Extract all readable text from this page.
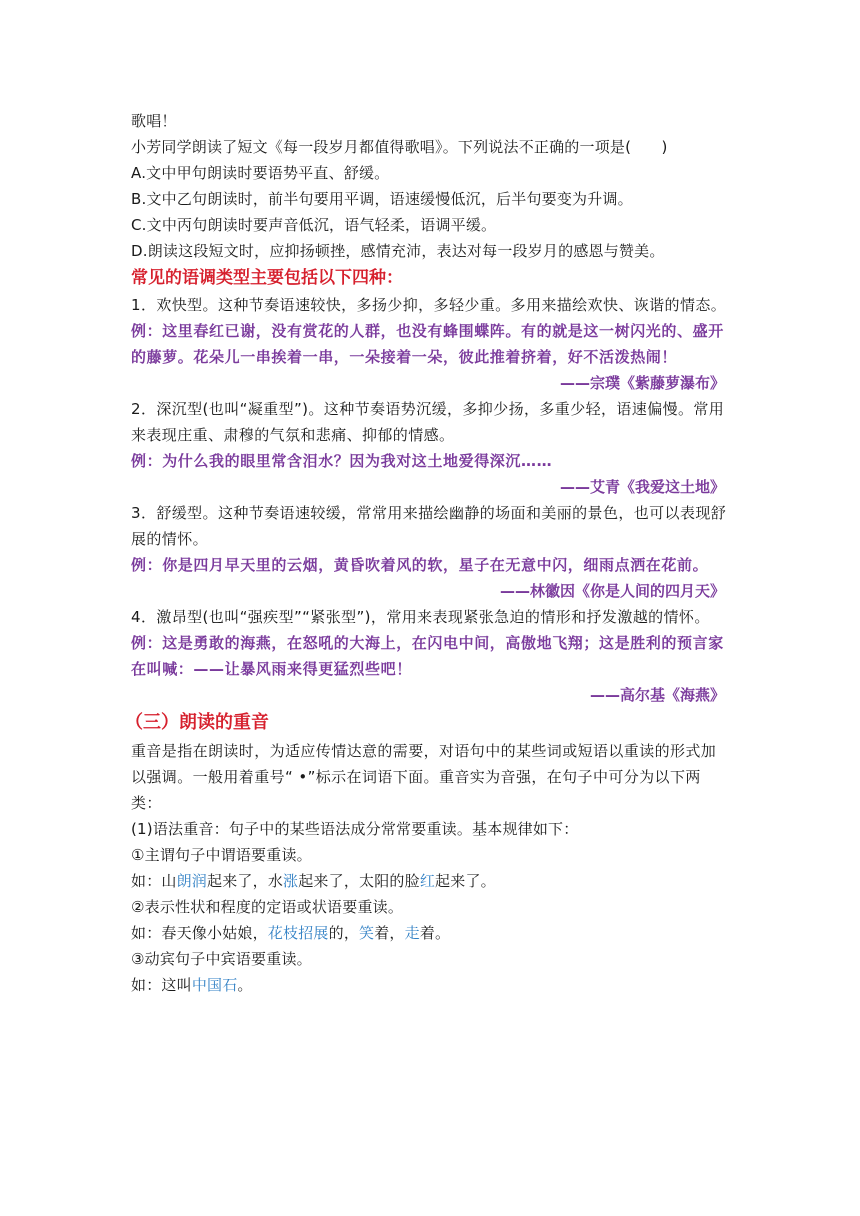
歌唱！
小芳同学朗读了短文《每一段岁月都值得歌唱》。下列说法不正确的一项是(　　)
A.文中甲句朗读时要语势平直、舒缓。
B.文中乙句朗读时，前半句要用平调，语速缓慢低沉，后半句要变为升调。
C.文中丙句朗读时要声音低沉，语气轻柔，语调平缓。
D.朗读这段短文时，应抑扬顿挫，感情充沛，表达对每一段岁月的感恩与赞美。
常见的语调类型主要包括以下四种：
1．欢快型。这种节奏语速较快，多扬少抑，多轻少重。多用来描绘欢快、诙谐的情态。
例：这里春红已谢，没有赏花的人群，也没有蜂围蝶阵。有的就是这一树闪光的、盛开的藤萝。花朵儿一串挨着一串，一朵接着一朵，彼此推着挤着，好不活泼热闹！
——宗璞《紫藤萝瀑布》
2．深沉型(也叫“凝重型”)。这种节奏语势沉缓，多抑少扬，多重少轻，语速偏慢。常用来表现庄重、肃穆的气氛和悲痛、抑郁的情感。
例：为什么我的眼里常含泪水？因为我对这土地爱得深沉……
——艾青《我爱这土地》
3．舒缓型。这种节奏语速较缓，常常用来描绘幽静的场面和美丽的景色，也可以表现舒展的情怀。
例：你是四月早天里的云烟，黄昏吹着风的软，星子在无意中闪，细雨点洒在花前。
——林徽因《你是人间的四月天》
4．激昂型(也叫“强疾型”“紧张型”)，常用来表现紧张急迫的情形和抒发激越的情怀。
例：这是勇敢的海燕，在怒吼的大海上，在闪电中间，高傲地飞翔；这是胜利的预言家在叫喊：——让暴风雨来得更猛烈些吧！
——高尔基《海燕》
（三）朗读的重音
重音是指在朗读时，为适应传情达意的需要，对语句中的某些词或短语以重读的形式加以强调。一般用着重号“ •”标示在词语下面。重音实为音强，在句子中可分为以下两类：
(1)语法重音：句子中的某些语法成分常常要重读。基本规律如下：
①主谓句子中谓语要重读。
如：山朗润起来了，水涨起来了，太阳的脸红起来了。
②表示性状和程度的定语或状语要重读。
如：春天像小姑娘，花枝招展的，笑着，走着。
③动宾句子中宾语要重读。
如：这叫中国石。
